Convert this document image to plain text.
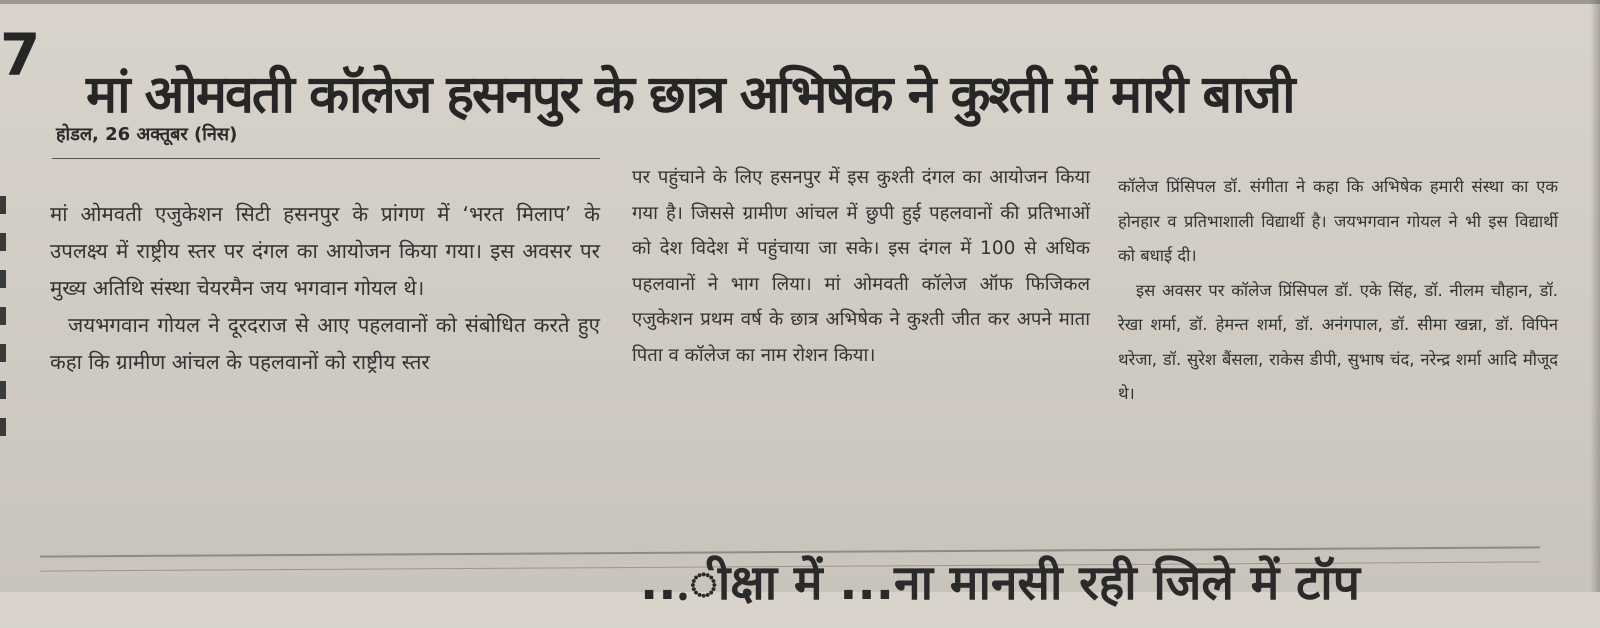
7
मां ओमवती कॉलेज हसनपुर के छात्र अभिषेक ने कुश्ती में मारी बाजी
होडल, 26 अक्तूबर (निस)

मां ओमवती एजुकेशन सिटी हसनपुर के प्रांगण में ‘भरत मिलाप’ के उपलक्ष्य में राष्ट्रीय स्तर पर दंगल का आयोजन किया गया। इस अवसर पर मुख्य अतिथि संस्था चेयरमैन जय भगवान गोयल थे।

जयभगवान गोयल ने दूरदराज से आए पहलवानों को संबोधित करते हुए कहा कि ग्रामीण आंचल के पहलवानों को राष्ट्रीय स्तर

पर पहुंचाने के लिए हसनपुर में इस कुश्ती दंगल का आयोजन किया गया है। जिससे ग्रामीण आंचल में छुपी हुई पहलवानों की प्रतिभाओं को देश विदेश में पहुंचाया जा सके। इस दंगल में 100 से अधिक पहलवानों ने भाग लिया। मां ओमवती कॉलेज ऑफ फिजिकल एजुकेशन प्रथम वर्ष के छात्र अभिषेक ने कुश्ती जीत कर अपने माता पिता व कॉलेज का नाम रोशन किया।

कॉलेज प्रिंसिपल डॉ. संगीता ने कहा कि अभिषेक हमारी संस्था का एक होनहार व प्रतिभाशाली विद्यार्थी है। जयभगवान गोयल ने भी इस विद्यार्थी को बधाई दी।

इस अवसर पर कॉलेज प्रिंसिपल डॉ. एके सिंह, डॉ. नीलम चौहान, डॉ. रेखा शर्मा, डॉ. हेमन्त शर्मा, डॉ. अनंगपाल, डॉ. सीमा खन्ना, डॉ. विपिन थरेजा, डॉ. सुरेश बैंसला, राकेस डीपी, सुभाष चंद, नरेन्द्र शर्मा आदि मौजूद थे।

...ीक्षा में ...ना मानसी रही जिले में टॉप
